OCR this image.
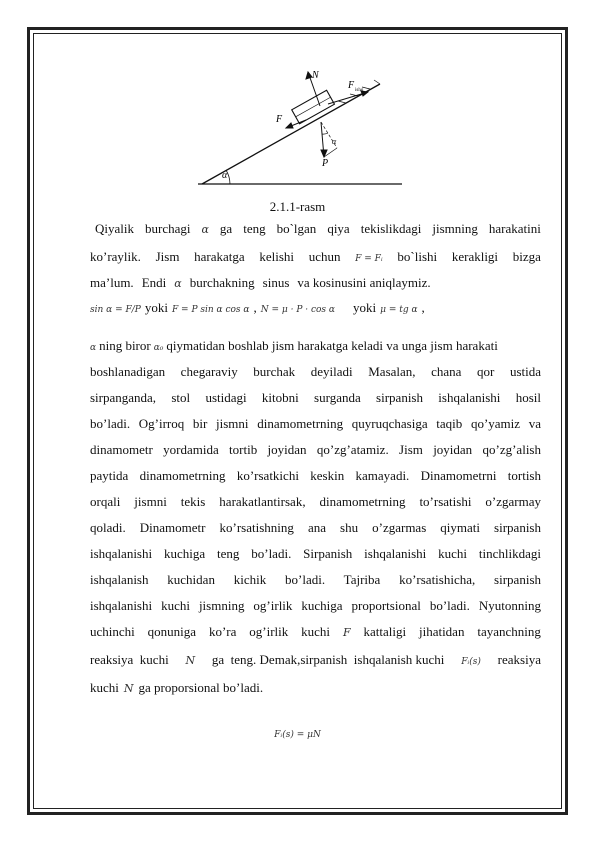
N
F
F ishq
P
α
α
2.1.1-rasm
Qiyalik burchagi α ga teng bo`lgan qiya tekislikdagi jismning harakatini
ko’raylik. Jism harakatga kelishi uchun F = Fᵢ bo`lishi kerakligi bizga
ma’lum. Endi α burchakning sinus va kosinusini aniqlaymiz.
sin α = F/P yoki F = P sin α cos α , N = μ · P · cos α yoki μ = tg α ,
α ning biror α₀ qiymatidan boshlab jism harakatga keladi va unga jism harakati
boshlanadigan chegaraviy burchak deyiladi Masalan, chana qor ustida
sirpanganda, stol ustidagi kitobni surganda sirpanish ishqalanishi hosil
bo’ladi. Og’irroq bir jismni dinamometrning quyruqchasiga taqib qo’yamiz va
dinamometr yordamida tortib joyidan qo’zg’atamiz. Jism joyidan qo’zg’alish
paytida dinamometrning ko’rsatkichi keskin kamayadi. Dinamometrni tortish
orqali jismni tekis harakatlantirsak, dinamometrning to’rsatishi o’zgarmay
qoladi. Dinamometr ko’rsatishning ana shu o’zgarmas qiymati sirpanish
ishqalanishi kuchiga teng bo’ladi. Sirpanish ishqalanishi kuchi tinchlikdagi
ishqalanish kuchidan kichik bo’ladi. Tajriba ko’rsatishicha, sirpanish
ishqalanishi kuchi jismning og’irlik kuchiga proportsional bo’ladi. Nyutonning
uchinchi qonuniga ko’ra og’irlik kuchi F kattaligi jihatidan tayanchning
reaksiya  kuchi N ga  teng. Demak,sirpanish  ishqalanish kuchi Fᵢ(s) reaksiya
kuchi N ga proporsional bo’ladi.
Fᵢ(s) = μN
